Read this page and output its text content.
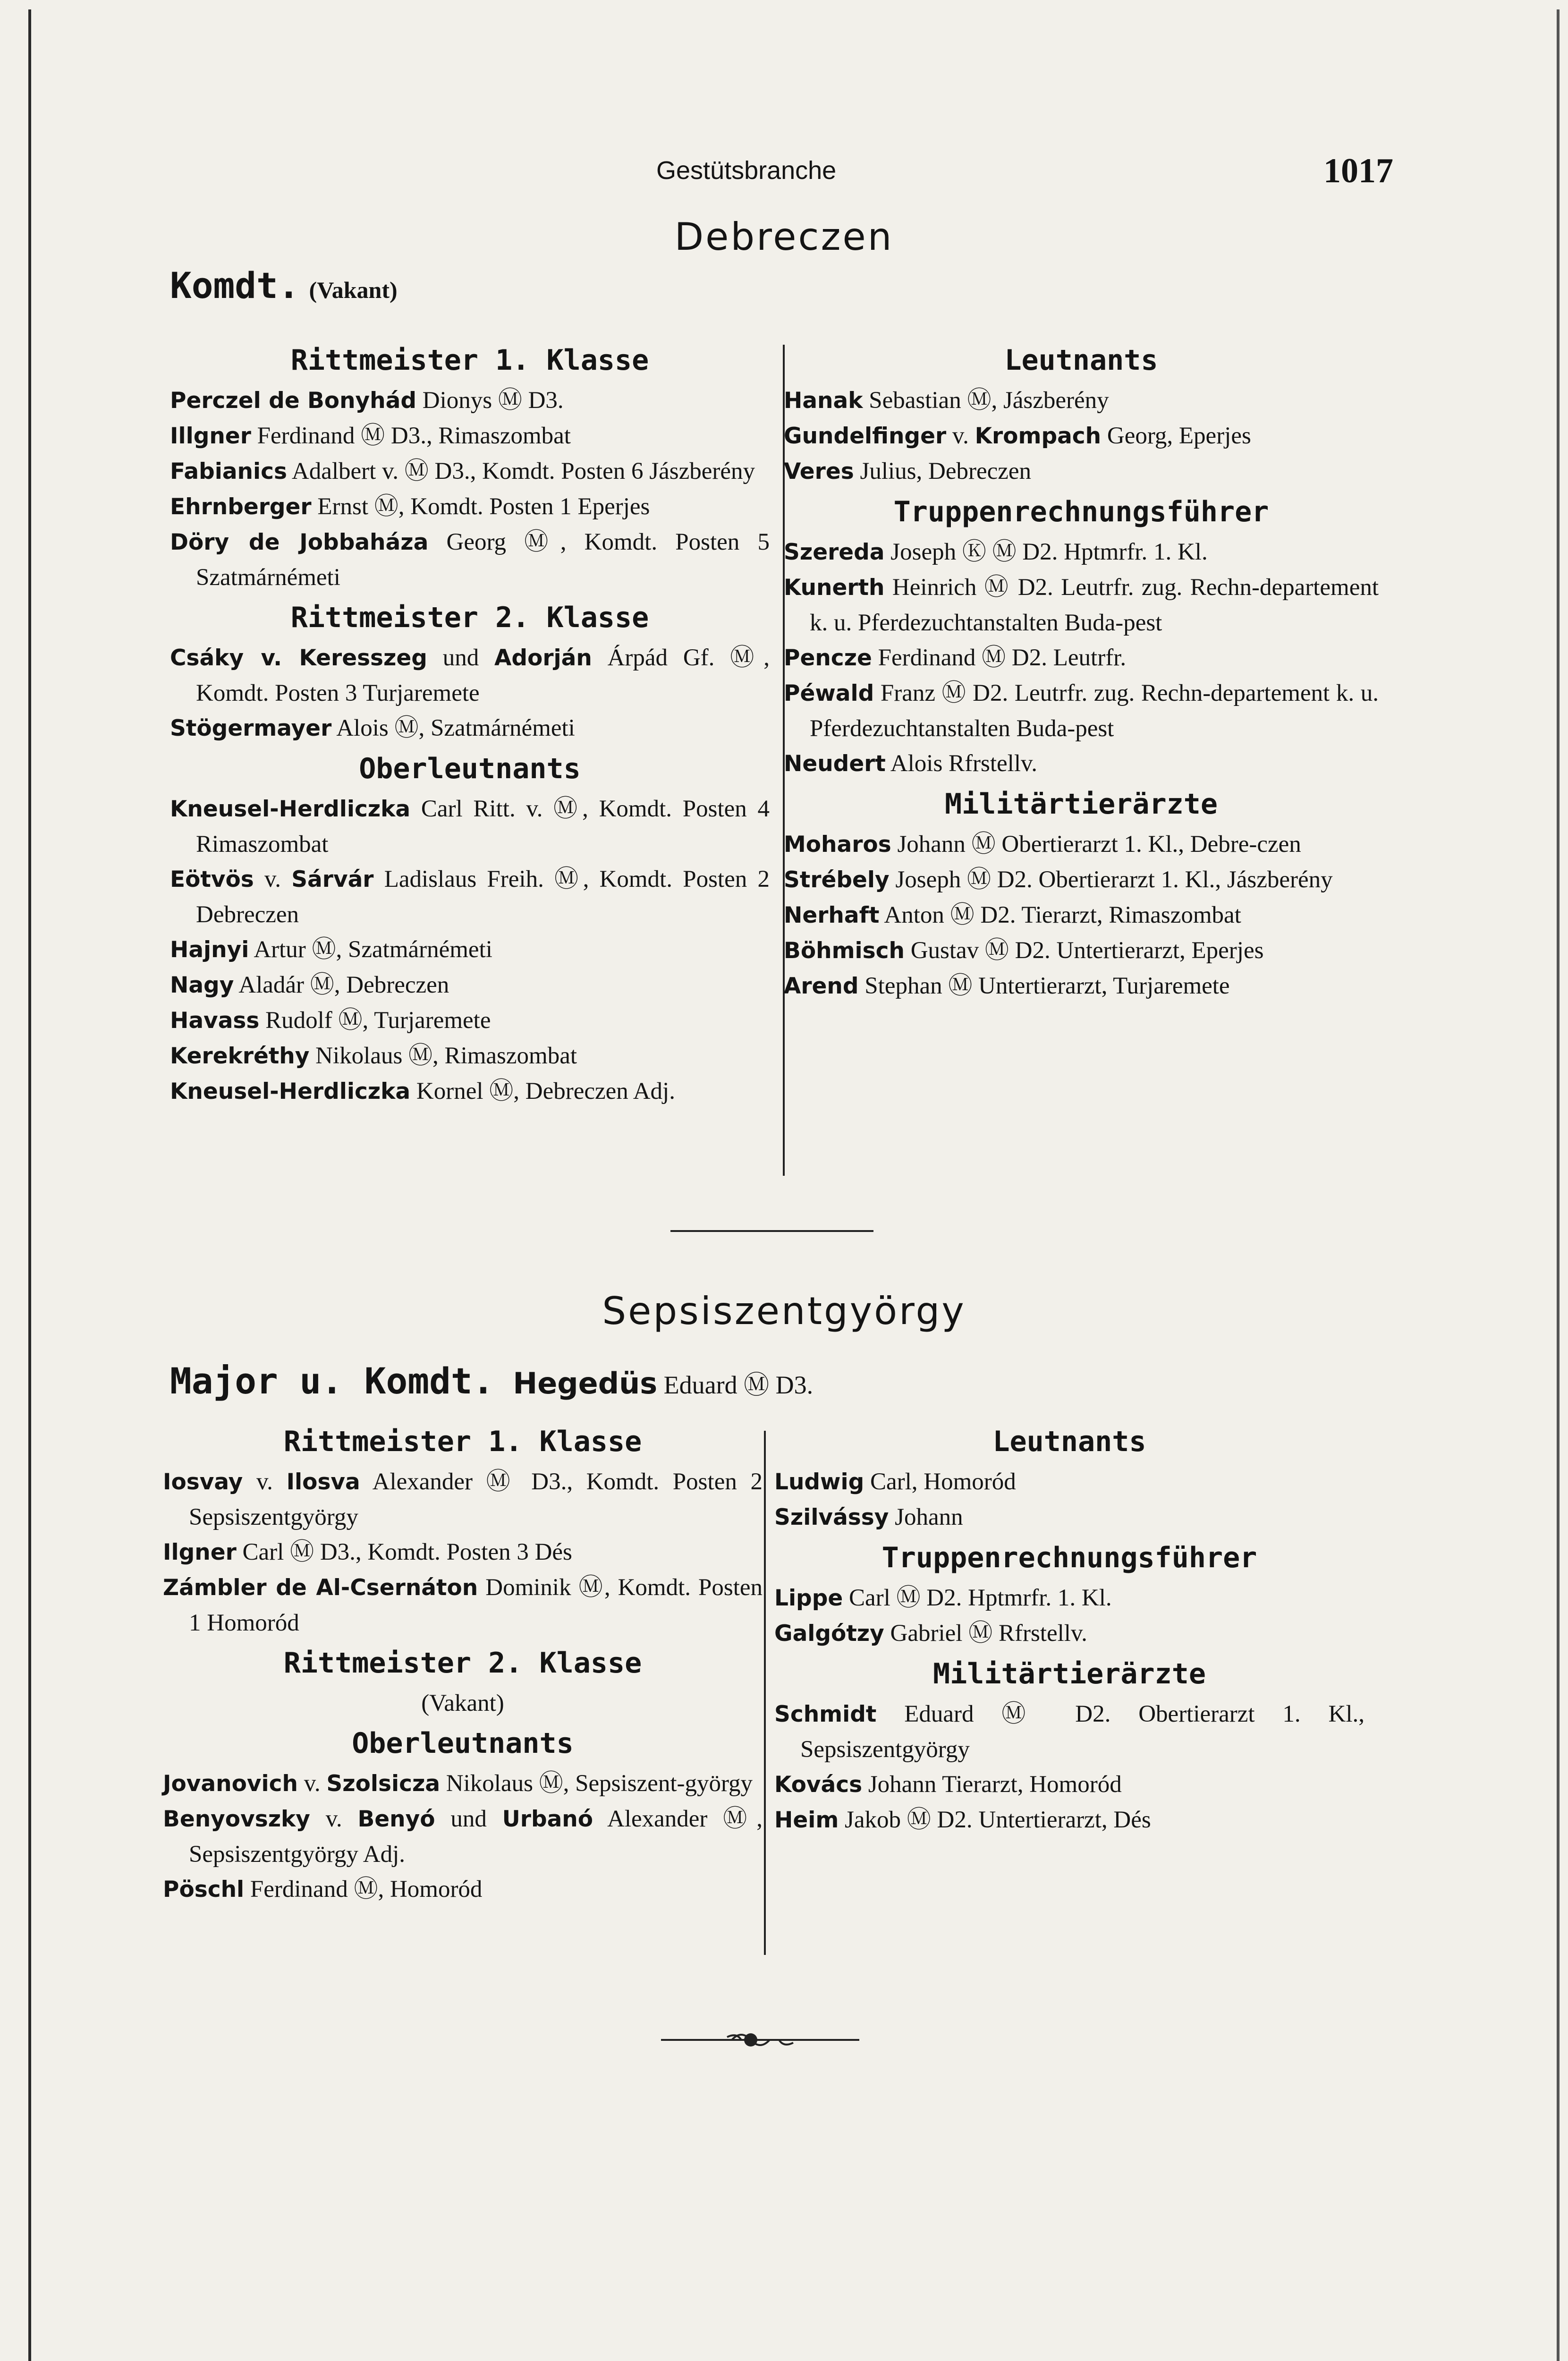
Gestütsbranche	1017
Debreczen
Komdt. (Vakant)
Rittmeister 1. Klasse

Perczel de Bonyhád Dionys Ⓜ D3.

Illgner Ferdinand Ⓜ D3., Rimaszombat

Fabianics Adalbert v. Ⓜ D3., Komdt. Posten 6 Jászberény

Ehrnberger Ernst Ⓜ, Komdt. Posten 1 Eperjes

Döry de Jobbaháza Georg Ⓜ, Komdt. Posten 5 Szatmárnémeti

Rittmeister 2. Klasse

Csáky v. Keresszeg und Adorján Árpád Gf. Ⓜ, Komdt. Posten 3 Turjaremete

Stögermayer Alois Ⓜ, Szatmárnémeti

Oberleutnants

Kneusel-Herdliczka Carl Ritt. v. Ⓜ, Komdt. Posten 4 Rimaszombat

Eötvös v. Sárvár Ladislaus Freih. Ⓜ, Komdt. Posten 2 Debreczen

Hajnyi Artur Ⓜ, Szatmárnémeti

Nagy Aladár Ⓜ, Debreczen

Havass Rudolf Ⓜ, Turjaremete

Kerekréthy Nikolaus Ⓜ, Rimaszombat

Kneusel-Herdliczka Kornel Ⓜ, Debreczen Adj.

Leutnants

Hanak Sebastian Ⓜ, Jászberény

Gundelfinger v. Krompach Georg, Eperjes

Veres Julius, Debreczen

Truppenrechnungsführer

Szereda Joseph Ⓚ Ⓜ D2. Hptmrfr. 1. Kl.

Kunerth Heinrich Ⓜ D2. Leutrfr. zug. Rechn-departement k. u. Pferdezuchtanstalten Buda-pest

Pencze Ferdinand Ⓜ D2. Leutrfr.

Péwald Franz Ⓜ D2. Leutrfr. zug. Rechn-departement k. u. Pferdezuchtanstalten Buda-pest

Neudert Alois Rfrstellv.

Militärtierärzte

Moharos Johann Ⓜ Obertierarzt 1. Kl., Debre-czen

Strébely Joseph Ⓜ D2. Obertierarzt 1. Kl., Jászberény

Nerhaft Anton Ⓜ D2. Tierarzt, Rimaszombat

Böhmisch Gustav Ⓜ D2. Untertierarzt, Eperjes

Arend Stephan Ⓜ Untertierarzt, Turjaremete

Sepsiszentgyörgy
Major u. Komdt. Hegedüs Eduard Ⓜ D3.
Rittmeister 1. Klasse

Iosvay v. Ilosva Alexander Ⓜ D3., Komdt. Posten 2 Sepsiszentgyörgy

Ilgner Carl Ⓜ D3., Komdt. Posten 3 Dés

Zámbler de Al-Csernáton Dominik Ⓜ, Komdt. Posten 1 Homoród

Rittmeister 2. Klasse

(Vakant)

Oberleutnants

Jovanovich v. Szolsicza Nikolaus Ⓜ, Sepsiszent-györgy

Benyovszky v. Benyó und Urbanó Alexander Ⓜ, Sepsiszentgyörgy Adj.

Pöschl Ferdinand Ⓜ, Homoród

Leutnants

Ludwig Carl, Homoród

Szilvássy Johann

Truppenrechnungsführer

Lippe Carl Ⓜ D2. Hptmrfr. 1. Kl.

Galgótzy Gabriel Ⓜ Rfrstellv.

Militärtierärzte

Schmidt Eduard Ⓜ D2. Obertierarzt 1. Kl., Sepsiszentgyörgy

Kovács Johann Tierarzt, Homoród

Heim Jakob Ⓜ D2. Untertierarzt, Dés
